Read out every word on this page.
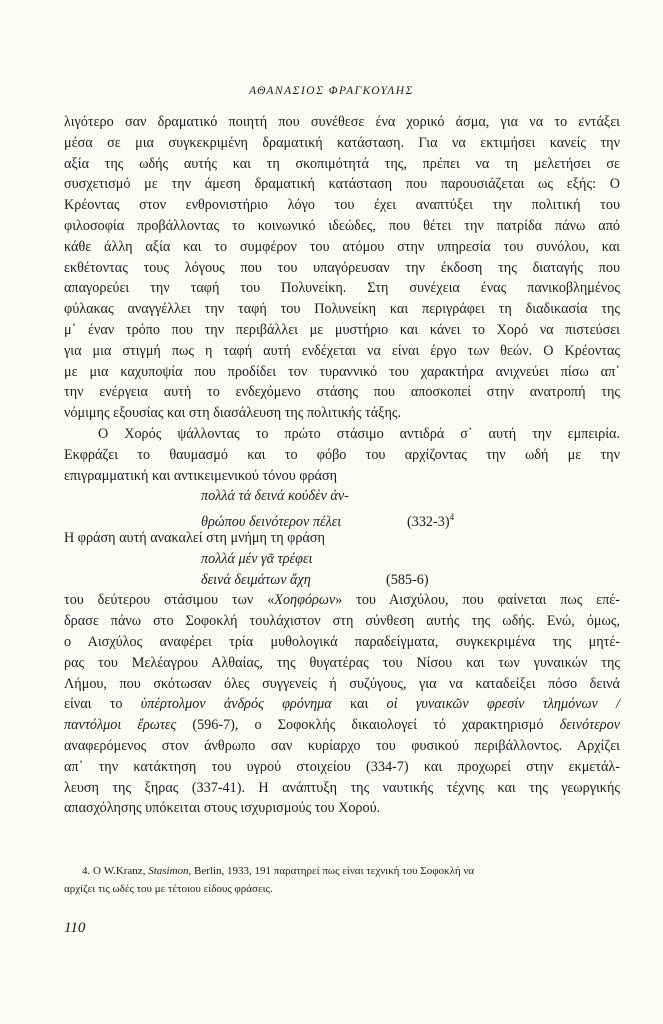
ΑΘΑΝΑΣΙΟΣ ΦΡΑΓΚΟΥΛΗΣ
λιγότερο σαν δραματικό ποιητή που συνέθεσε ένα χορικό άσμα, για να το εντάξει
μέσα σε μια συγκεκριμένη δραματική κατάσταση. Για να εκτιμήσει κανείς την
αξία της ωδής αυτής και τη σκοπιμότητά της, πρέπει να τη μελετήσει σε
συσχετισμό με την άμεση δραματική κατάσταση που παρουσιάζεται ως εξής: Ο
Κρέοντας στον ενθρονιστήριο λόγο του έχει αναπτύξει την πολιτική του
φιλοσοφία προβάλλοντας το κοινωνικό ιδεώδες, που θέτει την πατρίδα πάνω από
κάθε άλλη αξία και το συμφέρον του ατόμου στην υπηρεσία του συνόλου, και
εκθέτοντας τους λόγους που του υπαγόρευσαν την έκδοση της διαταγής που
απαγορεύει την ταφή του Πολυνείκη. Στη συνέχεια ένας πανικοβλημένος
φύλακας αναγγέλλει την ταφή του Πολυνείκη και περιγράφει τη διαδικασία της
μ᾿ έναν τρόπο που την περιβάλλει με μυστήριο και κάνει το Χορό να πιστεύσει
για μια στιγμή πως η ταφή αυτή ενδέχεται να είναι έργο των θεών. Ο Κρέοντας
με μια καχυποψία που προδίδει τον τυραννικό του χαρακτήρα ανιχνεύει πίσω απ᾿
την ενέργεια αυτή το ενδεχόμενο στάσης που αποσκοπεί στην ανατροπή της
νόμιμης εξουσίας και στη διασάλευση της πολιτικής τάξης.
Ο Χορός ψάλλοντας το πρώτο στάσιμο αντιδρά σ᾿ αυτή την εμπειρία.
Εκφράζει το θαυμασμό και το φόβο του αρχίζοντας την ωδή με την
επιγραμματική και αντικειμενικού τόνου φράση
πολλά τά δεινά κοὐδὲν ἀν-
θρώπου δεινότερον πέλει	(332-3)$^4$
Η φράση αυτή ανακαλεί στη μνήμη τη φράση
πολλά μέν γᾶ τρέφει
δεινά δειμάτων ἄχη	(585-6)
του δεύτερου στάσιμου των «Χοηφόρων» του Αισχύλου, που φαίνεται πως επέ-
δρασε πάνω στο Σοφοκλή τουλάχιστον στη σύνθεση αυτής της ωδής. Ενώ, όμως,
ο Αισχύλος αναφέρει τρία μυθολογικά παραδείγματα, συγκεκριμένα της μητέ-
ρας του Μελέαγρου Αλθαίας, της θυγατέρας του Νίσου και των γυναικών της
Λήμου, που σκότωσαν όλες συγγενείς ή συζύγους, για να καταδείξει πόσο δεινά
είναι το ὑπέρτολμον ἀνδρός φρόνημα και οἱ γυναικῶν φρεσίν τλημόνων /
παντόλμοι ἔρωτες (596-7), ο Σοφοκλής δικαιολογεί τό χαρακτηρισμό δεινότερον
αναφερόμενος στον άνθρωπο σαν κυρίαρχο του φυσικού περιβάλλοντος. Αρχίζει
απ᾿ την κατάκτηση του υγρού στοιχείου (334-7) και προχωρεί στην εκμετάλ-
λευση της ξηρας (337-41). Η ανάπτυξη της ναυτικής τέχνης και της γεωργικής
απασχόλησης υπόκειται στους ισχυρισμούς του Χορού.
4. Ο W.Kranz, Stasimon, Berlin, 1933, 191 παρατηρεί πως είναι τεχνική του Σοφοκλή να
αρχίζει τις ωδές του με τέτοιου είδους φράσεις.
110
